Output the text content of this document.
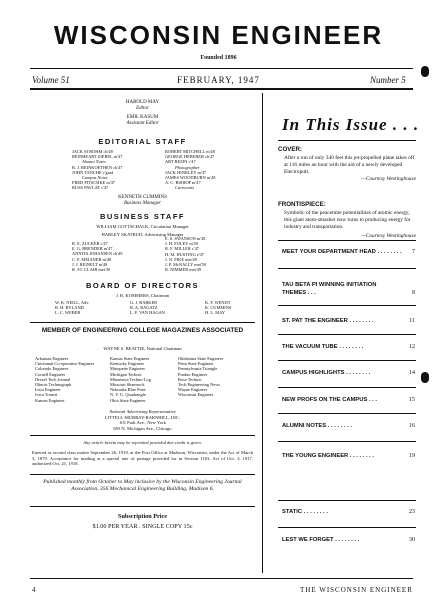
WISCONSIN ENGINEER
Founded 1896
Volume 51	FEBRUARY, 1947	Number 5
HAROLD MAY
Editor
EMIL KASUM
Assistant Editor
EDITORIAL STAFF
JACK STROHM ch'48
REINHEART ZIEBEL m'47
Alumni Notes
R. J. REINKOETHEN ch'47
JOHN TANCHE c'grad
Campus Notes
FRED PITSCHKE m'47
RUSS PAVLAT c'47
ROBERT MITCHELL m'48
GEORGE HEBERER ch'47
ART REZIN c'47
Photographer
JACK HINKLEY m'47
JAMES WOODBURN m'48
A. C. BISHOP m'47
Cartoonist
KENNETH CUMMINS
Business Manager
BUSINESS STAFF
WILLIAM GOTTSCHALK, Circulation Manager
HARLEY SKATRUD, Advertising Manager
R. E. ZUCKER c'47
E. G. BRENDER m'47
ANNITA JOHANSEN ch'49
C. F. MEIANER m'48
J. J. REINELT m'48
R. ST. CLAIR met'49
E. S. SWANSON m'48
J. H. FOLEY m'49
R. F. MILLER c'47
H. M. HUSTING e'47
J. N. FIKE met'49
J. P. McNALLY met'50
R. NIMMER met'49
BOARD OF DIRECTORS
J. B. KOMMERS, Chairman
W. K. NEILL, Adv.
B. H. BYLAND
L. C. WEBER
G. J. BARKER
R. A. RAGATZ
L. F. VAN HAGAN
K. F. WENDT
K. CUMMINS
H. L. MAY
MEMBER OF ENGINEERING COLLEGE MAGAZINES ASSOCIATED
WAYNE S. BEATTIE, National Chairman
Arkansas Engineer
Cincinnati Co-operative Engineer
Colorado Engineer
Cornell Engineer
Drexel Tech Journal
Illinois Technograph
Iowa Engineer
Iowa Transit
Kansas Engineer
Kansas State Engineer
Kentucky Engineer
Marquette Engineer
Michigan Technic
Minnesota Techno-Log
Missouri Shamrock
Nebraska Blue Print
N. Y. U. Quadrangle
Ohio State Engineer
Oklahoma State Engineer
Penn State Engineer
Pennsylvania Triangle
Purdue Engineer
Rose Technic
Tech Engineering News
Wayne Engineer
Wisconsin Engineer
National Advertising Representative
LITTELL-MURRAY-BARNHILL, INC.
101 Park Ave., New York
605 N. Michigan Ave., Chicago
Any article herein may be reprinted provided due credit is given.
Entered as second class matter September 26, 1910, at the Post Office at Madison, Wisconsin, under the Act of March 3, 1879. Acceptance for mailing at a special rate of postage provided for in Section 1103, Act of Oct. 3, 1917, authorized Oct. 21, 1918.
Published monthly from October to May inclusive by the Wisconsin Engineering Journal Association, 356 Mechanical Engineering Building, Madison 6.
Subscription Price
$1.00 PER YEAR . SINGLE COPY 15c
In This Issue . . .
COVER:
After a run of only 340 feet this jet-propelled plane takes off at 116 miles an hour with the aid of a newly developed Electropult.
—Courtesy Westinghouse
FRONTISPIECE:
Symbolic of the peacetime potentialities of atomic energy, this giant atom-smasher now turns to producing energy for industry and transportation.
—Courtesy Westinghouse
MEET YOUR DEPARTMENT HEAD . . . . . . . . 7
TAU BETA PI WINNING INITIATION THEMES . . .	8
ST. PAT THE ENGINEER . . . . . . . .	11
THE VACUUM TUBE . . . . . . . .	12
CAMPUS HIGHLIGHTS . . . . . . . .	14
NEW PROFS ON THE CAMPUS . . .	15
ALUMNI NOTES . . . . . . . .	16
THE YOUNG ENGINEER . . . . . . . .	19
STATIC . . . . . . . .	23
LEST WE FORGET . . . . . . . .	30
4	THE WISCONSIN ENGINEER
